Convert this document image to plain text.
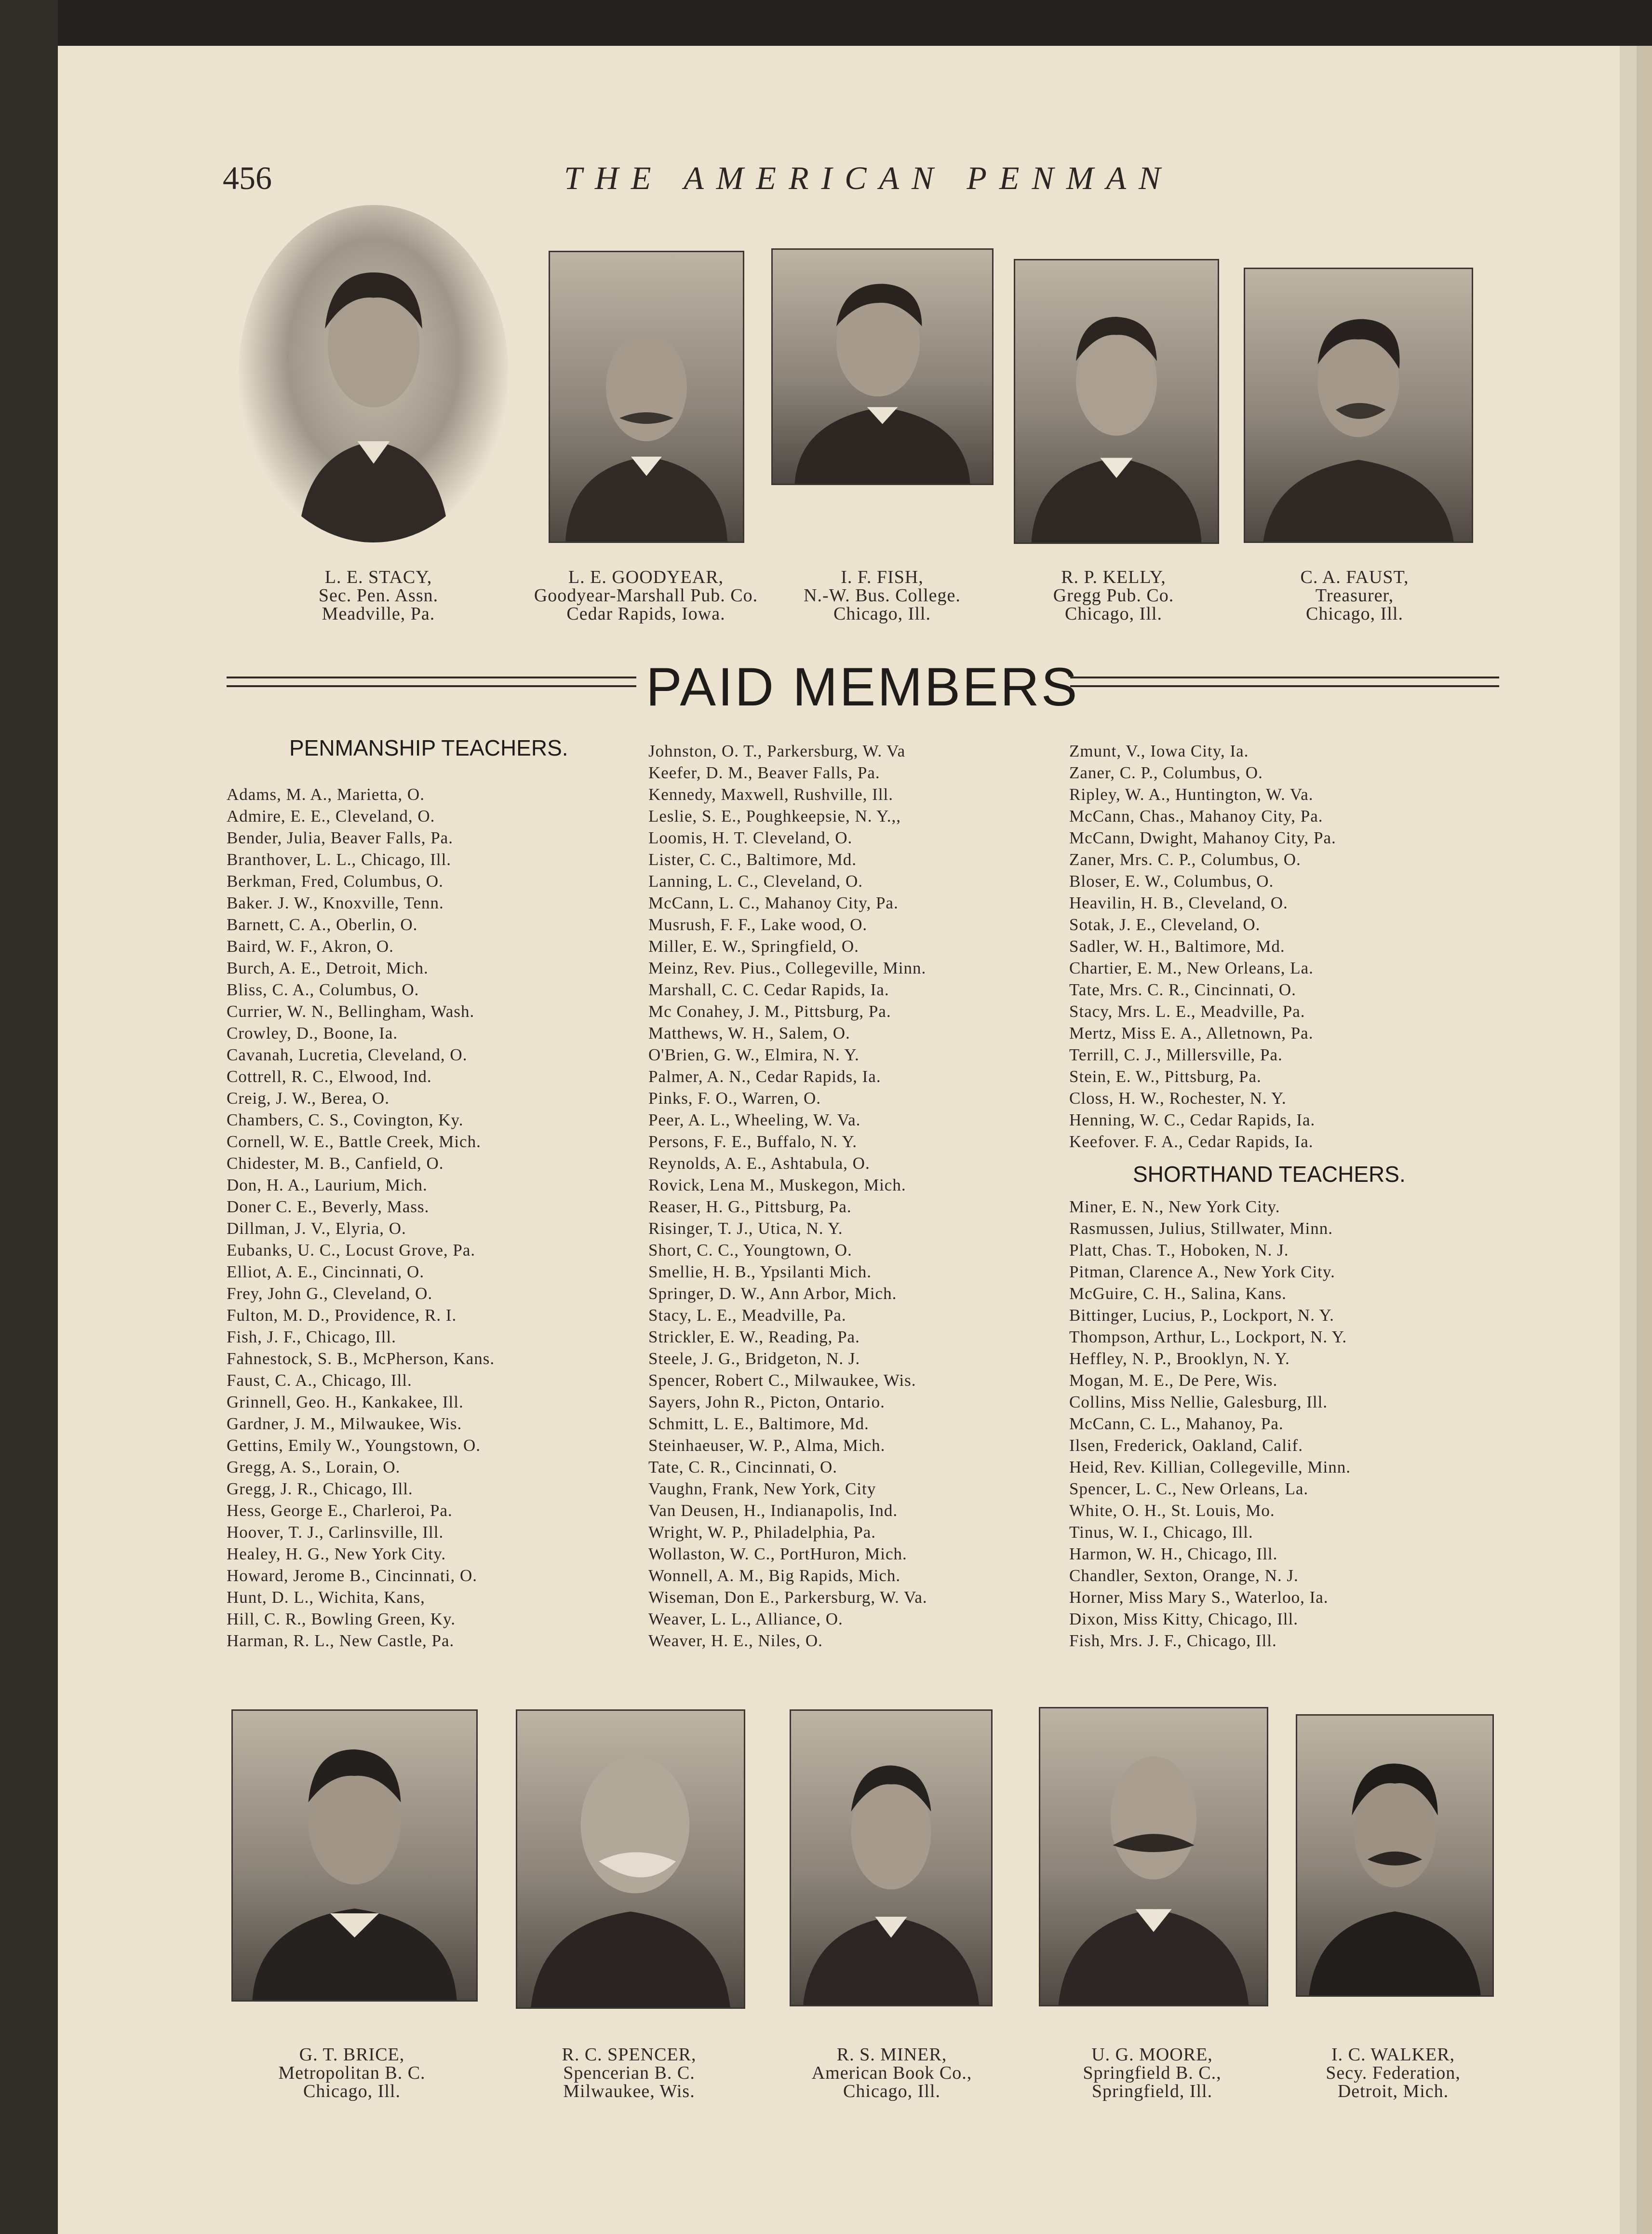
456	THE AMERICAN PENMAN
L. E. STACY,
Sec. Pen. Assn.
Meadville, Pa.
L. E. GOODYEAR,
Goodyear-Marshall Pub. Co.
Cedar Rapids, Iowa.
I. F. FISH,
N.-W. Bus. College.
Chicago, Ill.
R. P. KELLY,
Gregg Pub. Co.
Chicago, Ill.
C. A. FAUST,
Treasurer,
Chicago, Ill.
PAID MEMBERS
PENMANSHIP TEACHERS.
Adams, M. A., Marietta, O.
Admire, E. E., Cleveland, O.
Bender, Julia, Beaver Falls, Pa.
Branthover, L. L., Chicago, Ill.
Berkman, Fred, Columbus, O.
Baker. J. W., Knoxville, Tenn.
Barnett, C. A., Oberlin, O.
Baird, W. F., Akron, O.
Burch, A. E., Detroit, Mich.
Bliss, C. A., Columbus, O.
Currier, W. N., Bellingham, Wash.
Crowley, D., Boone, Ia.
Cavanah, Lucretia, Cleveland, O.
Cottrell, R. C., Elwood, Ind.
Creig, J. W., Berea, O.
Chambers, C. S., Covington, Ky.
Cornell, W. E., Battle Creek, Mich.
Chidester, M. B., Canfield, O.
Don, H. A., Laurium, Mich.
Doner C. E., Beverly, Mass.
Dillman, J. V., Elyria, O.
Eubanks, U. C., Locust Grove, Pa.
Elliot, A. E., Cincinnati, O.
Frey, John G., Cleveland, O.
Fulton, M. D., Providence, R. I.
Fish, J. F., Chicago, Ill.
Fahnestock, S. B., McPherson, Kans.
Faust, C. A., Chicago, Ill.
Grinnell, Geo. H., Kankakee, Ill.
Gardner, J. M., Milwaukee, Wis.
Gettins, Emily W., Youngstown, O.
Gregg, A. S., Lorain, O.
Gregg, J. R., Chicago, Ill.
Hess, George E., Charleroi, Pa.
Hoover, T. J., Carlinsville, Ill.
Healey, H. G., New York City.
Howard, Jerome B., Cincinnati, O.
Hunt, D. L., Wichita, Kans,
Hill, C. R., Bowling Green, Ky.
Harman, R. L., New Castle, Pa.
Johnston, O. T., Parkersburg, W. Va
Keefer, D. M., Beaver Falls, Pa.
Kennedy, Maxwell, Rushville, Ill.
Leslie, S. E., Poughkeepsie, N. Y.,,
Loomis, H. T. Cleveland, O.
Lister, C. C., Baltimore, Md.
Lanning, L. C., Cleveland, O.
McCann, L. C., Mahanoy City, Pa.
Musrush, F. F., Lake wood, O.
Miller, E. W., Springfield, O.
Meinz, Rev. Pius., Collegeville, Minn.
Marshall, C. C. Cedar Rapids, Ia.
Mc Conahey, J. M., Pittsburg, Pa.
Matthews, W. H., Salem, O.
O'Brien, G. W., Elmira, N. Y.
Palmer, A. N., Cedar Rapids, Ia.
Pinks, F. O., Warren, O.
Peer, A. L., Wheeling, W. Va.
Persons, F. E., Buffalo, N. Y.
Reynolds, A. E., Ashtabula, O.
Rovick, Lena M., Muskegon, Mich.
Reaser, H. G., Pittsburg, Pa.
Risinger, T. J., Utica, N. Y.
Short, C. C., Youngtown, O.
Smellie, H. B., Ypsilanti Mich.
Springer, D. W., Ann Arbor, Mich.
Stacy, L. E., Meadville, Pa.
Strickler, E. W., Reading, Pa.
Steele, J. G., Bridgeton, N. J.
Spencer, Robert C., Milwaukee, Wis.
Sayers, John R., Picton, Ontario.
Schmitt, L. E., Baltimore, Md.
Steinhaeuser, W. P., Alma, Mich.
Tate, C. R., Cincinnati, O.
Vaughn, Frank, New York, City
Van Deusen, H., Indianapolis, Ind.
Wright, W. P., Philadelphia, Pa.
Wollaston, W. C., PortHuron, Mich.
Wonnell, A. M., Big Rapids, Mich.
Wiseman, Don E., Parkersburg, W. Va.
Weaver, L. L., Alliance, O.
Weaver, H. E., Niles, O.
Zmunt, V., Iowa City, Ia.
Zaner, C. P., Columbus, O.
Ripley, W. A., Huntington, W. Va.
McCann, Chas., Mahanoy City, Pa.
McCann, Dwight, Mahanoy City, Pa.
Zaner, Mrs. C. P., Columbus, O.
Bloser, E. W., Columbus, O.
Heavilin, H. B., Cleveland, O.
Sotak, J. E., Cleveland, O.
Sadler, W. H., Baltimore, Md.
Chartier, E. M., New Orleans, La.
Tate, Mrs. C. R., Cincinnati, O.
Stacy, Mrs. L. E., Meadville, Pa.
Mertz, Miss E. A., Alletnown, Pa.
Terrill, C. J., Millersville, Pa.
Stein, E. W., Pittsburg, Pa.
Closs, H. W., Rochester, N. Y.
Henning, W. C., Cedar Rapids, Ia.
Keefover. F. A., Cedar Rapids, Ia.
SHORTHAND TEACHERS.
Miner, E. N., New York City.
Rasmussen, Julius, Stillwater, Minn.
Platt, Chas. T., Hoboken, N. J.
Pitman, Clarence A., New York City.
McGuire, C. H., Salina, Kans.
Bittinger, Lucius, P., Lockport, N. Y.
Thompson, Arthur, L., Lockport, N. Y.
Heffley, N. P., Brooklyn, N. Y.
Mogan, M. E., De Pere, Wis.
Collins, Miss Nellie, Galesburg, Ill.
McCann, C. L., Mahanoy, Pa.
Ilsen, Frederick, Oakland, Calif.
Heid, Rev. Killian, Collegeville, Minn.
Spencer, L. C., New Orleans, La.
White, O. H., St. Louis, Mo.
Tinus, W. I., Chicago, Ill.
Harmon, W. H., Chicago, Ill.
Chandler, Sexton, Orange, N. J.
Horner, Miss Mary S., Waterloo, Ia.
Dixon, Miss Kitty, Chicago, Ill.
Fish, Mrs. J. F., Chicago, Ill.
G. T. BRICE,
Metropolitan B. C.
Chicago, Ill.
R. C. SPENCER,
Spencerian B. C.
Milwaukee, Wis.
R. S. MINER,
American Book Co.,
Chicago, Ill.
U. G. MOORE,
Springfield B. C.,
Springfield, Ill.
I. C. WALKER,
Secy. Federation,
Detroit, Mich.
